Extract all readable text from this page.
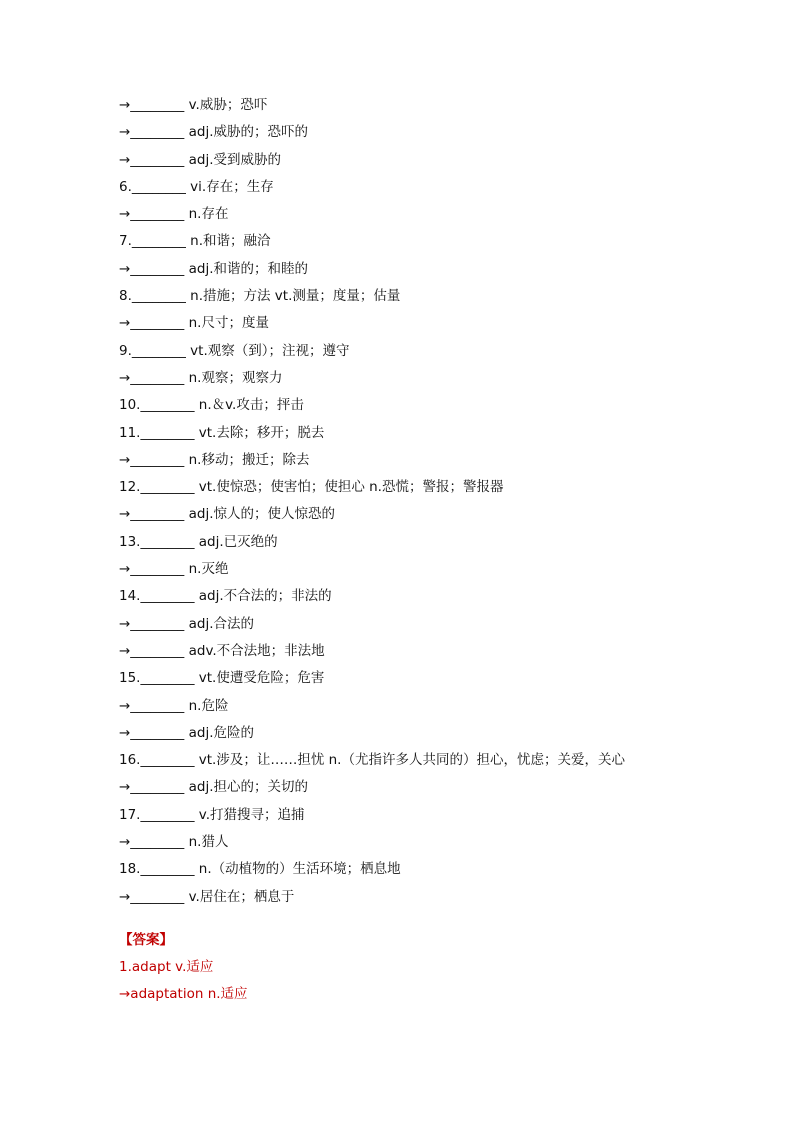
→________ v.威胁；恐吓
→________ adj.威胁的；恐吓的
→________ adj.受到威胁的
6.________ vi.存在；生存
→________ n.存在
7.________ n.和谐；融洽
→________ adj.和谐的；和睦的
8.________ n.措施；方法 vt.测量；度量；估量
→________ n.尺寸；度量
9.________ vt.观察（到）；注视；遵守
→________ n.观察；观察力
10.________ n.＆v.攻击；抨击
11.________ vt.去除；移开；脱去
→________ n.移动；搬迁；除去
12.________ vt.使惊恐；使害怕；使担心 n.恐慌；警报；警报器
→________ adj.惊人的；使人惊恐的
13.________ adj.已灭绝的
→________ n.灭绝
14.________ adj.不合法的；非法的
→________ adj.合法的
→________ adv.不合法地；非法地
15.________ vt.使遭受危险；危害
→________ n.危险
→________ adj.危险的
16.________ vt.涉及；让……担忧 n.（尤指许多人共同的）担心，忧虑；关爱，关心
→________ adj.担心的；关切的
17.________ v.打猎搜寻；追捕
→________ n.猎人
18.________ n.（动植物的）生活环境；栖息地
→________ v.居住在；栖息于
【答案】
1.adapt v.适应
→adaptation n.适应
